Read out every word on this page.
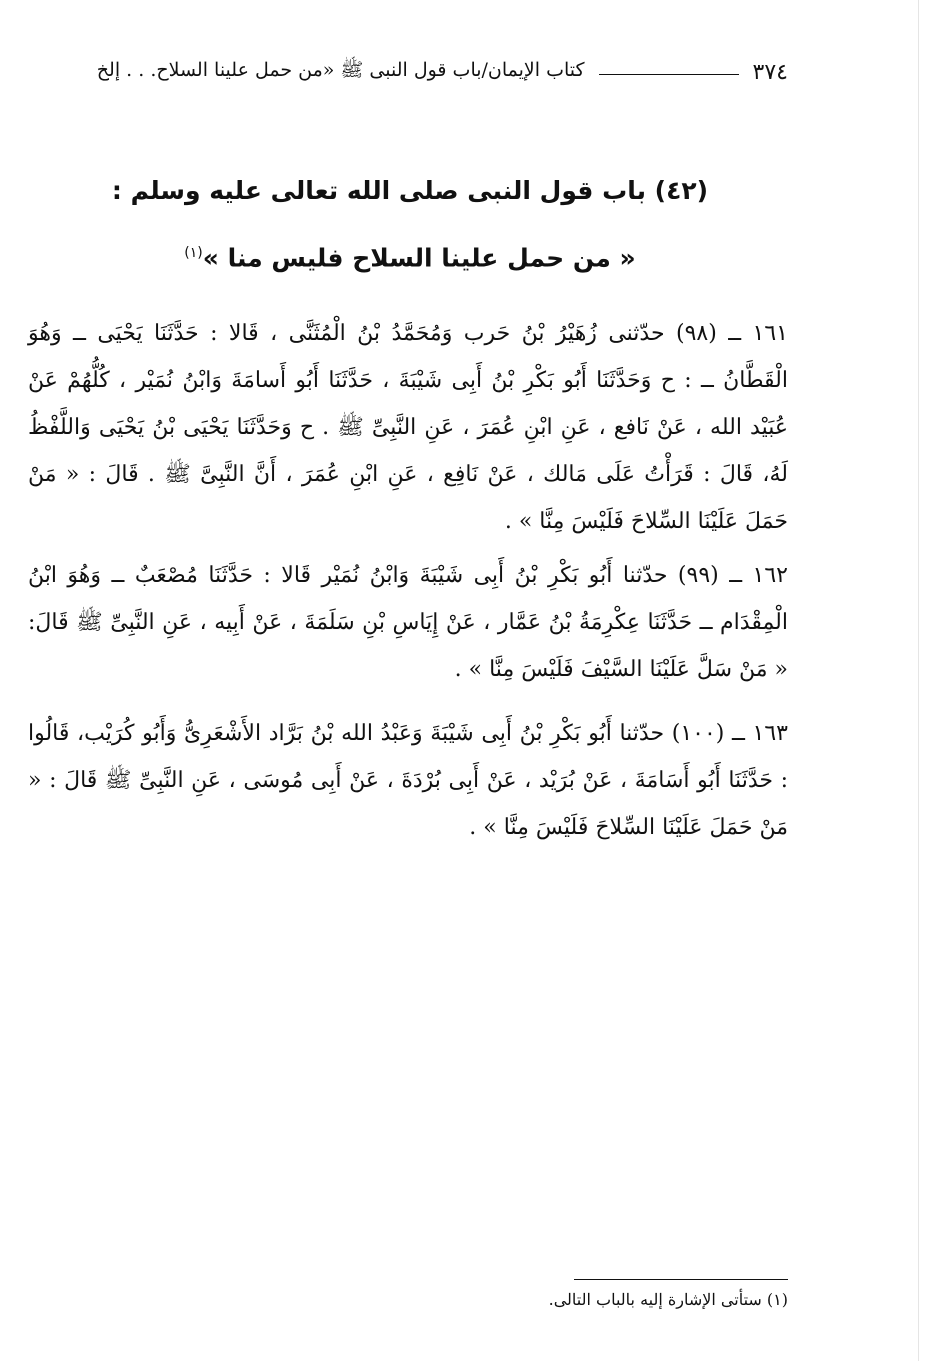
٣٧٤
كتاب الإيمان/باب قول النبى ﷺ «من حمل علينا السلاح. . . إلخ
(٤٢) باب قول النبى صلى الله تعالى عليه وسلم :
« من حمل علينا السلاح فليس منا »$^{(١)}$

١٦١ ــ (٩٨) حدّثنى زُهَيْرُ بْنُ حَرب وَمُحَمَّدُ بْنُ الْمُثَنَّى ، قَالا : حَدَّثَنَا يَحْيَى ــ وَهُوَ الْقَطَّانُ ــ : ح وَحَدَّثَنَا أَبُو بَكْرِ بْنُ أَبِى شَيْبَةَ ، حَدَّثَنَا أَبُو أَسامَةَ وَابْنُ نُمَيْر ، كُلُّهُمْ عَنْ عُبَيْد الله ، عَنْ نَافع ، عَنِ ابْنِ عُمَرَ ، عَنِ النَّبِىِّ ﷺ . ح وَحَدَّثَنَا يَحْيَى بْنُ يَحْيَى وَاللَّفْظُ لَهُ، قَالَ : قَرَأْتُ عَلَى مَالك ، عَنْ نَافِع ، عَنِ ابْنِ عُمَرَ ، أَنَّ النَّبِىَّ ﷺ . قَالَ : « مَنْ حَمَلَ عَلَيْنَا السِّلاحَ فَلَيْسَ مِنَّا » .

١٦٢ ــ (٩٩) حدّثنا أَبُو بَكْرِ بْنُ أَبِى شَيْبَةَ وَابْنُ نُمَيْر قَالا : حَدَّثَنَا مُصْعَبٌ ــ وَهُوَ ابْنُ الْمِقْدَام ــ حَدَّثَنَا عِكْرِمَةُ بْنُ عَمَّار ، عَنْ إِيَاسِ بْنِ سَلَمَةَ ، عَنْ أَبِيه ، عَنِ النَّبِىِّ ﷺ قَالَ: « مَنْ سَلَّ عَلَيْنَا السَّيْفَ فَلَيْسَ مِنَّا » .

١٦٣ ــ (١٠٠) حدّثنا أَبُو بَكْرِ بْنُ أَبِى شَيْبَةَ وَعَبْدُ الله بْنُ بَرَّاد الأَشْعَرِىُّ وَأَبُو كُرَيْب، قَالُوا : حَدَّثَنَا أَبُو أَسَامَةَ ، عَنْ بُرَيْد ، عَنْ أَبِى بُرْدَةَ ، عَنْ أَبِى مُوسَى ، عَنِ النَّبِىِّ ﷺ قَالَ : « مَنْ حَمَلَ عَلَيْنَا السِّلاحَ فَلَيْسَ مِنَّا » .

(١) ستأتى الإشارة إليه بالباب التالى.
